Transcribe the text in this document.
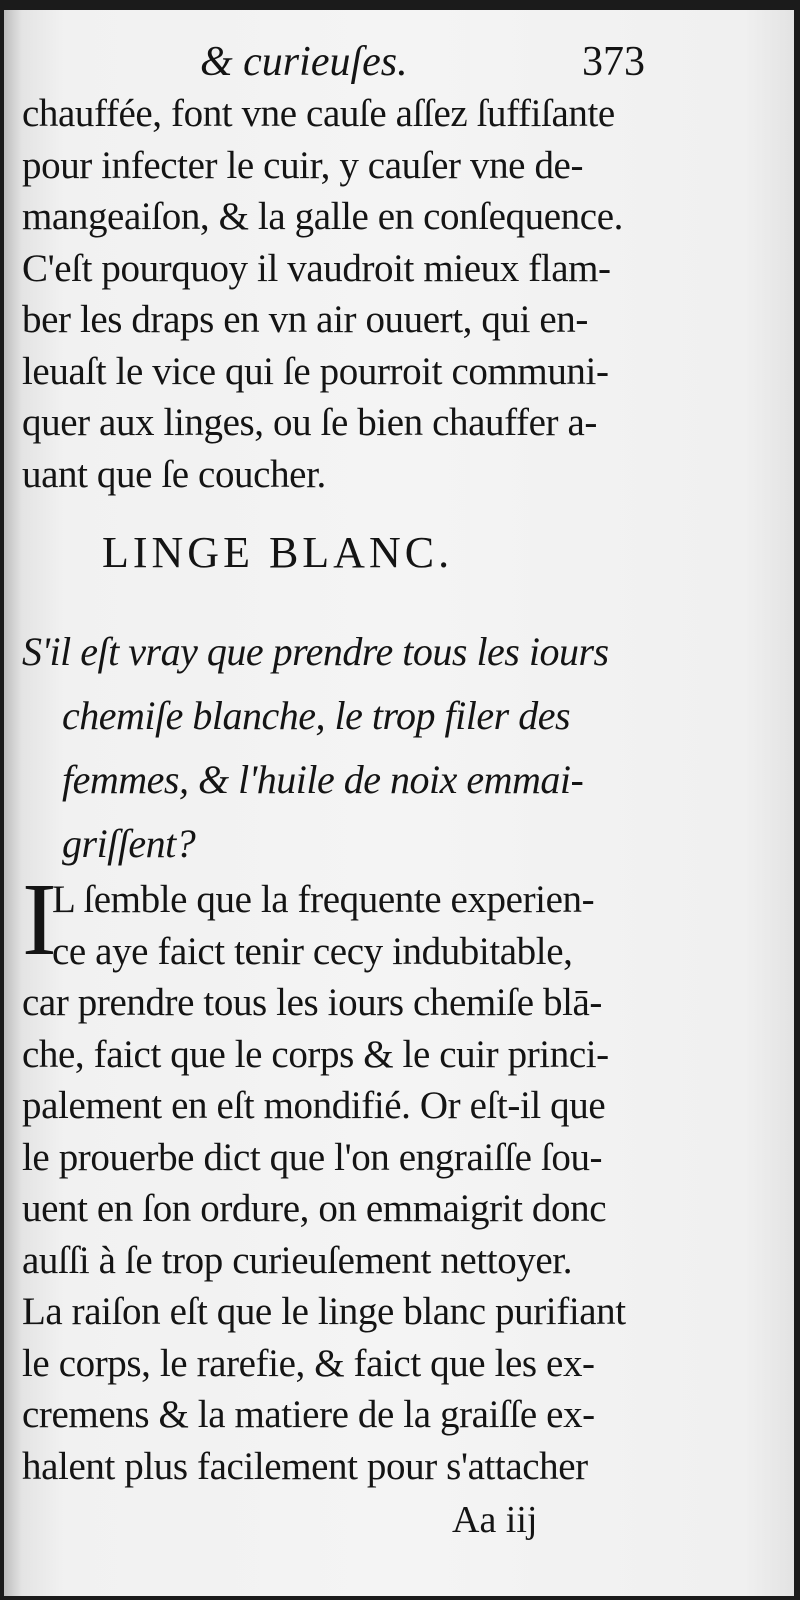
& curieuſes.	373
chauffée, font vne cauſe aſſez ſuffiſante
pour infecter le cuir, y cauſer vne de-
mangeaiſon, & la galle en conſequence.
C'eſt pourquoy il vaudroit mieux flam-
ber les draps en vn air ouuert, qui en-
leuaſt le vice qui ſe pourroit communi-
quer aux linges, ou ſe bien chauffer a-
uant que ſe coucher.
LINGE BLANC.
S'il eſt vray que prendre tous les iours
chemiſe blanche, le trop filer des
femmes, & l'huile de noix emmai-
griſſent?
I
L ſemble que la frequente experien-
ce aye faict tenir cecy indubitable,
car prendre tous les iours chemiſe blā-
che, faict que le corps & le cuir princi-
palement en eſt mondifié. Or eſt-il que
le prouerbe dict que l'on engraiſſe ſou-
uent en ſon ordure, on emmaigrit donc
auſſi à ſe trop curieuſement nettoyer.
La raiſon eſt que le linge blanc purifiant
le corps, le rarefie, & faict que les ex-
cremens & la matiere de la graiſſe ex-
halent plus facilement pour s'attacher
Aa iij
